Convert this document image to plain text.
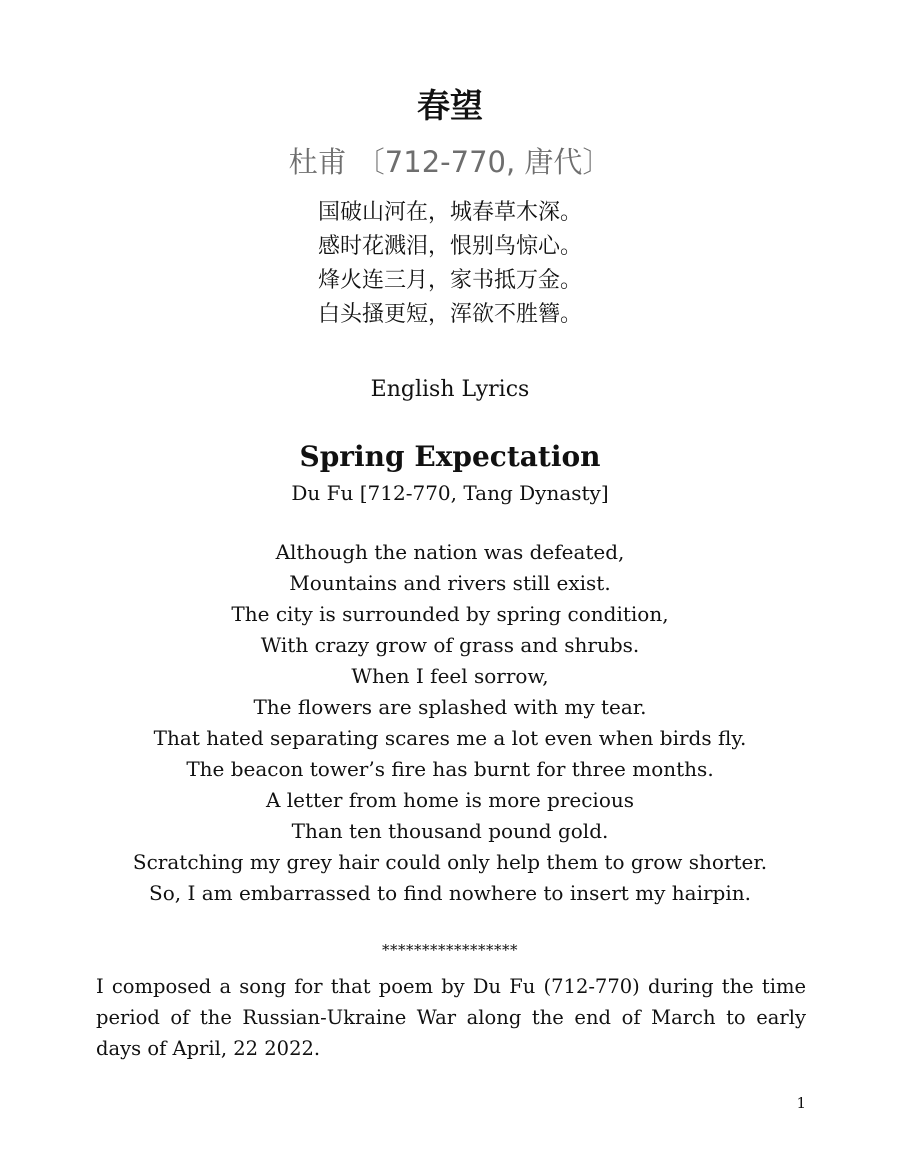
春望
杜甫 〔712-770, 唐代〕
国破山河在，城春草木深。
感时花溅泪，恨别鸟惊心。
烽火连三月，家书抵万金。
白头搔更短，浑欲不胜簪。
English Lyrics
Spring Expectation
Du Fu [712-770, Tang Dynasty]
Although the nation was defeated,
Mountains and rivers still exist.
The city is surrounded by spring condition,
With crazy grow of grass and shrubs.
When I feel sorrow,
The flowers are splashed with my tear.
That hated separating scares me a lot even when birds fly.
The beacon tower’s fire has burnt for three months.
A letter from home is more precious
Than ten thousand pound gold.
Scratching my grey hair could only help them to grow shorter.
So, I am embarrassed to find nowhere to insert my hairpin.
*****************
I composed a song for that poem by Du Fu (712-770) during the time period of the Russian-Ukraine War along the end of March to early days of April, 22 2022.
1
